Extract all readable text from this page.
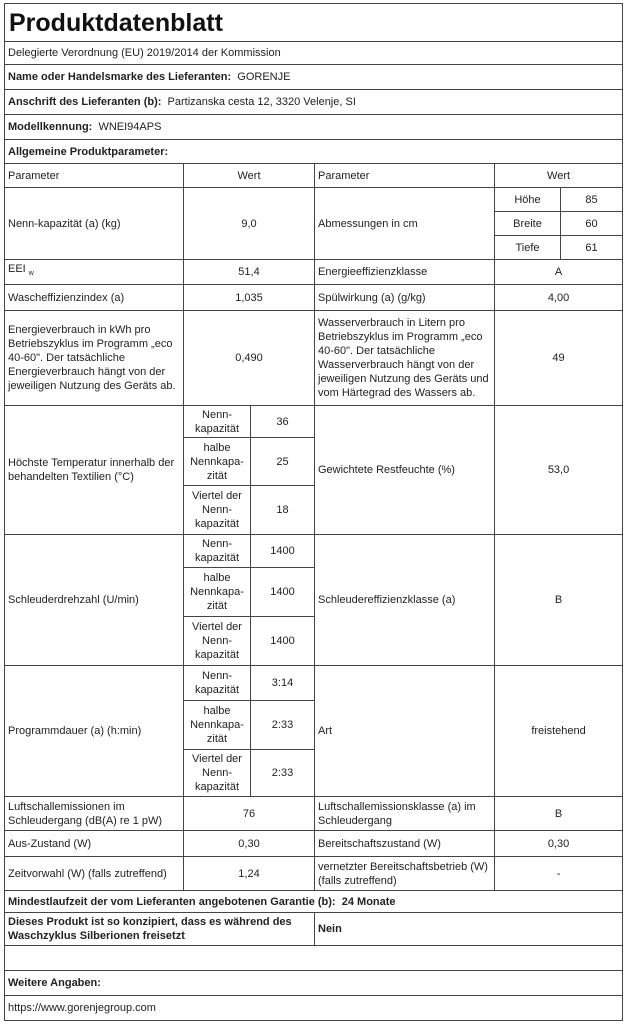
Produktdatenblatt					
Delegierte Verordnung (EU) 2019/2014 der Kommission					
Name oder Handelsmarke des Lieferanten: GORENJE					
Anschrift des Lieferanten (b): Partizanska cesta 12, 3320 Velenje, SI					
Modellkennung: WNEI94APS					
Allgemeine Produktparameter:					
Parameter	Wert		Parameter	Wert	
Nenn-kapazität (a) (kg)	9,0		Abmessungen in cm	Höhe	85
				Breite	60
				Tiefe	61
EEI $_w$	51,4		Energieeffizienzklasse	A	
Wascheffizienzindex (a)	1,035		Spülwirkung (a) (g/kg)	4,00	
Energieverbrauch in kWh pro Betriebszyklus im Programm „eco 40-60". Der tatsächliche Energieverbrauch hängt von der jeweiligen Nutzung des Geräts ab.	0,490		Wasserverbrauch in Litern pro Betriebszyklus im Programm „eco 40-60". Der tatsächliche Wasserverbrauch hängt von der jeweiligen Nutzung des Geräts und vom Härtegrad des Wassers ab.	49	
Höchste Temperatur innerhalb der behandelten Textilien (°C)	Nenn-kapazität	36	Gewichtete Restfeuchte (%)	53,0	
	halbe Nennkapa-zität	25			
	Viertel der Nenn-kapazität	18			
Schleuderdrehzahl (U/min)	Nenn-kapazität	1400	Schleudereffizienzklasse (a)	B	
	halbe Nennkapa-zität	1400			
	Viertel der Nenn-kapazität	1400			
Programmdauer (a) (h:min)	Nenn-kapazität	3:14	Art	freistehend	
	halbe Nennkapa-zität	2:33			
	Viertel der Nenn-kapazität	2:33			
Luftschallemissionen im Schleudergang (dB(A) re 1 pW)	76		Luftschallemissionsklasse (a) im Schleudergang	B	
Aus-Zustand (W)	0,30		Bereitschaftszustand (W)	0,30	
Zeitvorwahl (W) (falls zutreffend)	1,24		vernetzter Bereitschaftsbetrieb (W) (falls zutreffend)	-	
Mindestlaufzeit der vom Lieferanten angebotenen Garantie (b): 24 Monate					
Dieses Produkt ist so konzipiert, dass es während des Waschzyklus Silberionen freisetzt			Nein		

Weitere Angaben:					
https://www.gorenjegroup.com					
